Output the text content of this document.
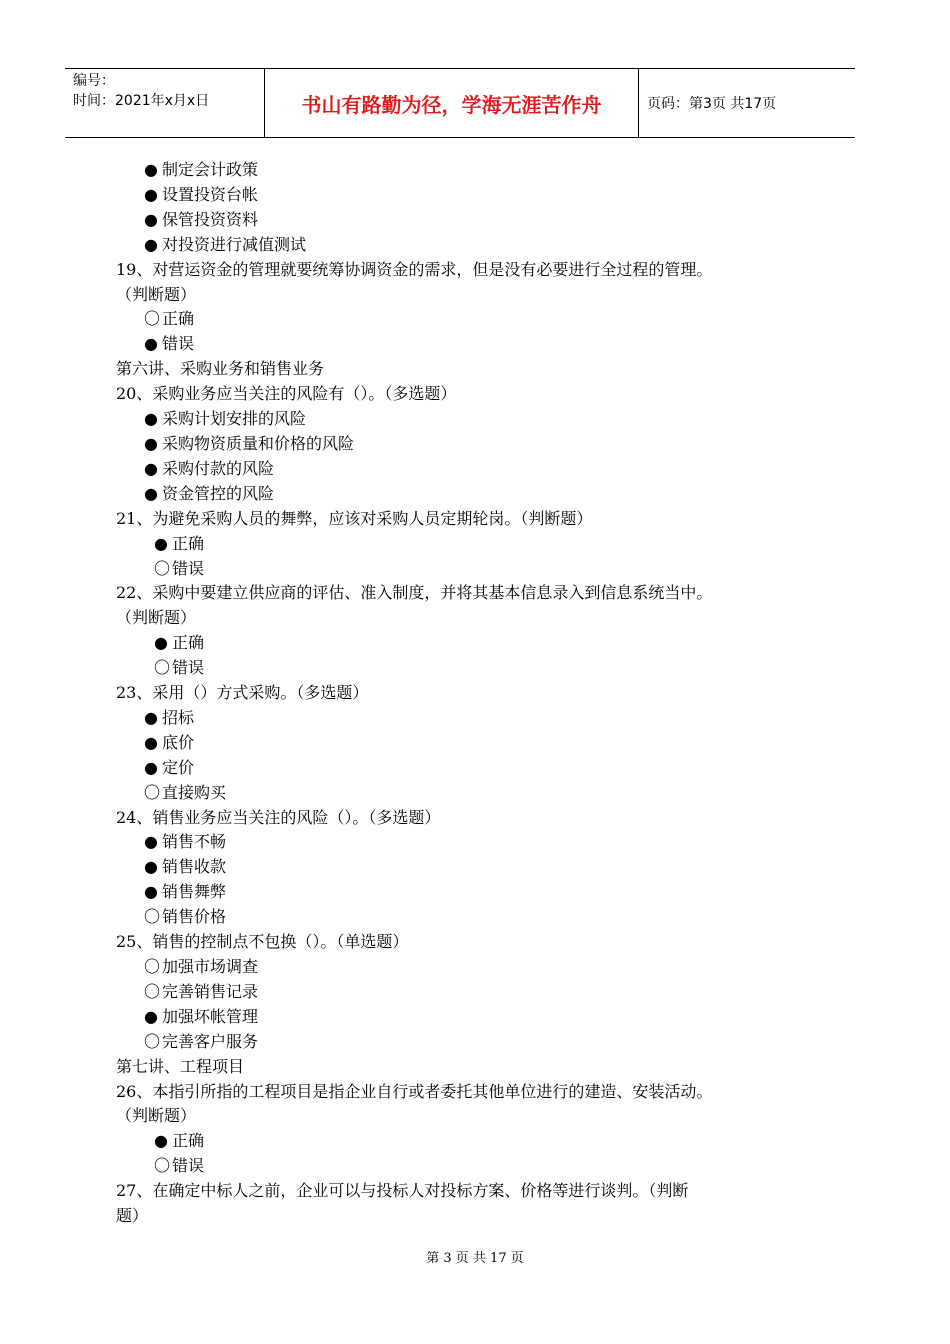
编号：
时间：2021年x月x日	书山有路勤为径，学海无涯苦作舟	页码：第3页 共17页
● 制定会计政策
● 设置投资台帐
● 保管投资资料
● 对投资进行减值测试
19、对营运资金的管理就要统筹协调资金的需求，但是没有必要进行全过程的管理。
（判断题）
〇 正确
● 错误
第六讲、采购业务和销售业务
20、采购业务应当关注的风险有（）。（多选题）
● 采购计划安排的风险
● 采购物资质量和价格的风险
● 采购付款的风险
● 资金管控的风险
21、为避免采购人员的舞弊，应该对采购人员定期轮岗。（判断题）
● 正确
〇 错误
22、采购中要建立供应商的评估、准入制度，并将其基本信息录入到信息系统当中。
（判断题）
● 正确
〇 错误
23、采用（）方式采购。（多选题）
● 招标
● 底价
● 定价
〇 直接购买
24、销售业务应当关注的风险（）。（多选题）
● 销售不畅
● 销售收款
● 销售舞弊
〇 销售价格
25、销售的控制点不包换（）。（单选题）
〇 加强市场调查
〇 完善销售记录
● 加强坏帐管理
〇 完善客户服务
第七讲、工程项目
26、本指引所指的工程项目是指企业自行或者委托其他单位进行的建造、安装活动。
（判断题）
● 正确
〇 错误
27、在确定中标人之前，企业可以与投标人对投标方案、价格等进行谈判。（判断
题）
第 3 页 共 17 页
